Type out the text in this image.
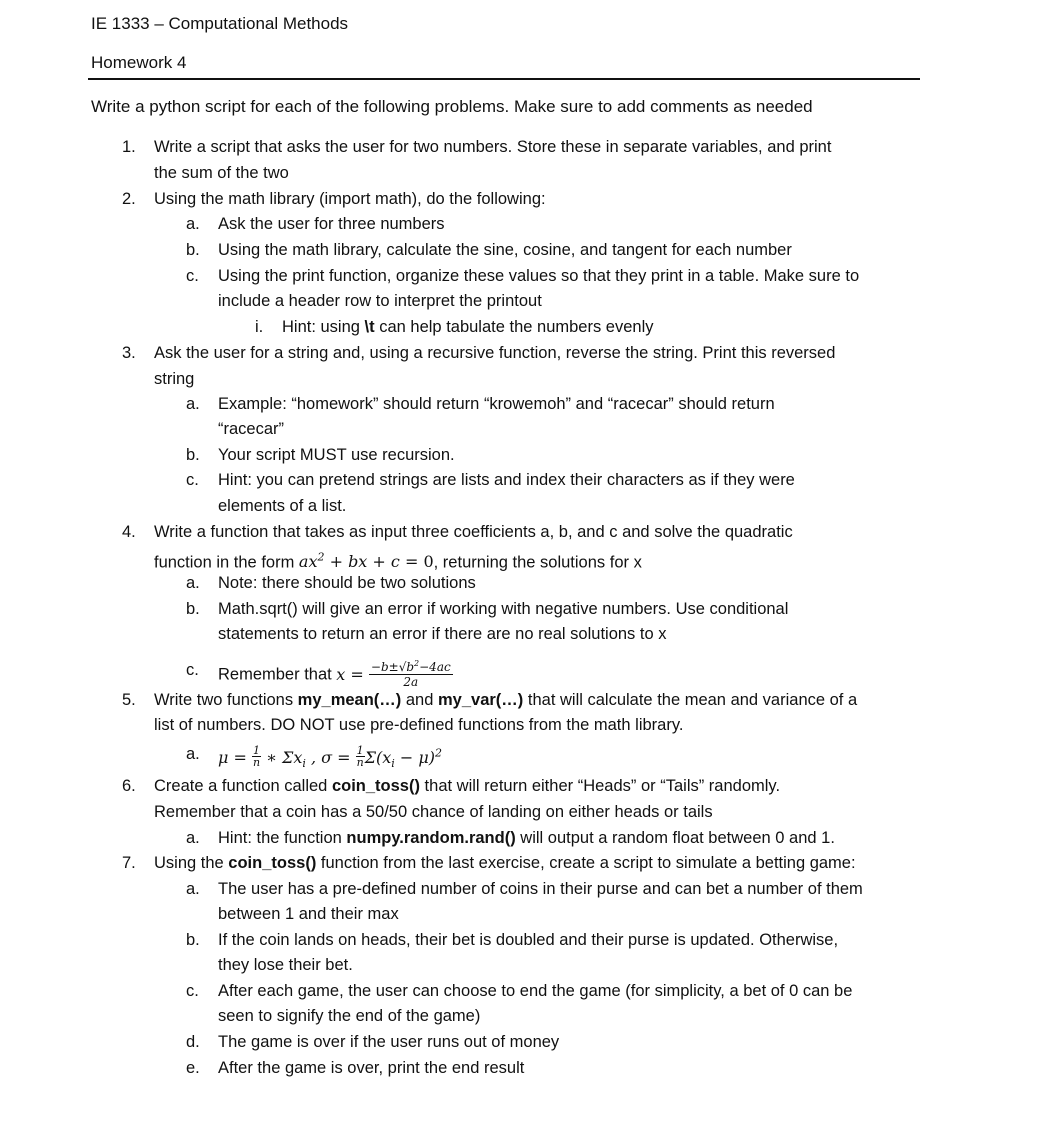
IE 1333 – Computational Methods
Homework 4
Write a python script for each of the following problems. Make sure to add comments as needed
1. Write a script that asks the user for two numbers. Store these in separate variables, and print
the sum of the two
2. Using the math library (import math), do the following:
a. Ask the user for three numbers
b. Using the math library, calculate the sine, cosine, and tangent for each number
c. Using the print function, organize these values so that they print in a table. Make sure to
include a header row to interpret the printout
i. Hint: using \t can help tabulate the numbers evenly
3. Ask the user for a string and, using a recursive function, reverse the string. Print this reversed
string
a. Example: “homework” should return “krowemoh” and “racecar” should return
“racecar”
b. Your script MUST use recursion.
c. Hint: you can pretend strings are lists and index their characters as if they were
elements of a list.
4. Write a function that takes as input three coefficients a, b, and c and solve the quadratic
function in the form $ax^2$ + bx + c = 0, returning the solutions for x
a. Note: there should be two solutions
b. Math.sqrt() will give an error if working with negative numbers. Use conditional
statements to return an error if there are no real solutions to x
c. Remember that $x = \frac{-b\pm√b^2-4ac}{2a}$
5. Write two functions my_mean(…) and my_var(…) that will calculate the mean and variance of a
list of numbers. DO NOT use pre-defined functions from the math library.
a. $\mu = \frac{1}{n}$ ∗ $\Sigma x_i$ , $\sigma = \frac{1}{n} \Sigma(x_i - \mu)^2$
6. Create a function called coin_toss() that will return either “Heads” or “Tails” randomly.
Remember that a coin has a 50/50 chance of landing on either heads or tails
a. Hint: the function numpy.random.rand() will output a random float between 0 and 1.
7. Using the coin_toss() function from the last exercise, create a script to simulate a betting game:
a. The user has a pre-defined number of coins in their purse and can bet a number of them
between 1 and their max
b. If the coin lands on heads, their bet is doubled and their purse is updated. Otherwise,
they lose their bet.
c. After each game, the user can choose to end the game (for simplicity, a bet of 0 can be
seen to signify the end of the game)
d. The game is over if the user runs out of money
e. After the game is over, print the end result
